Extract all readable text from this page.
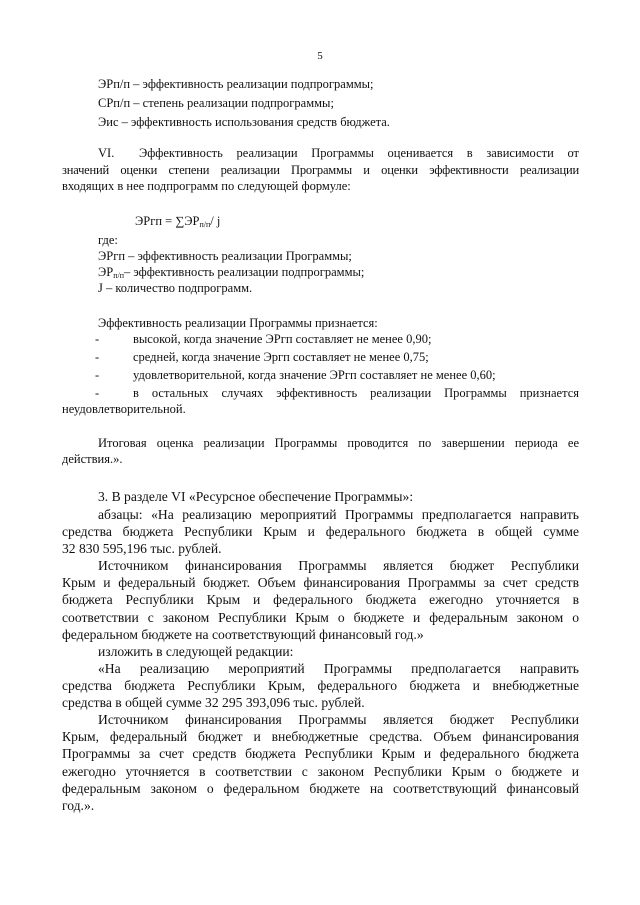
5
ЭРп/п – эффективность реализации подпрограммы;
СРп/п – степень реализации подпрограммы;
Эис – эффективность использования средств бюджета.
VI. Эффективность реализации Программы оценивается в зависимости от
значений оценки степени реализации Программы и оценки эффективности реализации
входящих в нее подпрограмм по следующей формуле:
ЭРгп = $\sum ЭР_{п/п}/$ j
где:
ЭРгп – эффективность реализации Программы;
$ЭР_{п/п}-$ эффективность реализации подпрограммы;
J – количество подпрограмм.
Эффективность реализации Программы признается:
-	высокой, когда значение ЭРгп составляет не менее 0,90;
-	средней, когда значение Эргп составляет не менее 0,75;
-	удовлетворительной, когда значение ЭРгп составляет не менее 0,60;
-	в остальных случаях эффективность реализации Программы признается
неудовлетворительной.
Итоговая оценка реализации Программы проводится по завершении периода ее
действия.».
3. В разделе VI «Ресурсное обеспечение Программы»:
абзацы: «На реализацию мероприятий Программы предполагается направить
средства бюджета Республики Крым и федерального бюджета в общей сумме
32 830 595,196 тыс. рублей.
Источником финансирования Программы является бюджет Республики
Крым и федеральный бюджет. Объем финансирования Программы за счет средств
бюджета Республики Крым и федерального бюджета ежегодно уточняется в
соответствии с законом Республики Крым о бюджете и федеральным законом о
федеральном бюджете на соответствующий финансовый год.»
изложить в следующей редакции:
«На реализацию мероприятий Программы предполагается направить
средства бюджета Республики Крым, федерального бюджета и внебюджетные
средства в общей сумме 32 295 393,096 тыс. рублей.
Источником финансирования Программы является бюджет Республики
Крым, федеральный бюджет и внебюджетные средства. Объем финансирования
Программы за счет средств бюджета Республики Крым и федерального бюджета
ежегодно уточняется в соответствии с законом Республики Крым о бюджете и
федеральным законом о федеральном бюджете на соответствующий финансовый
год.».
